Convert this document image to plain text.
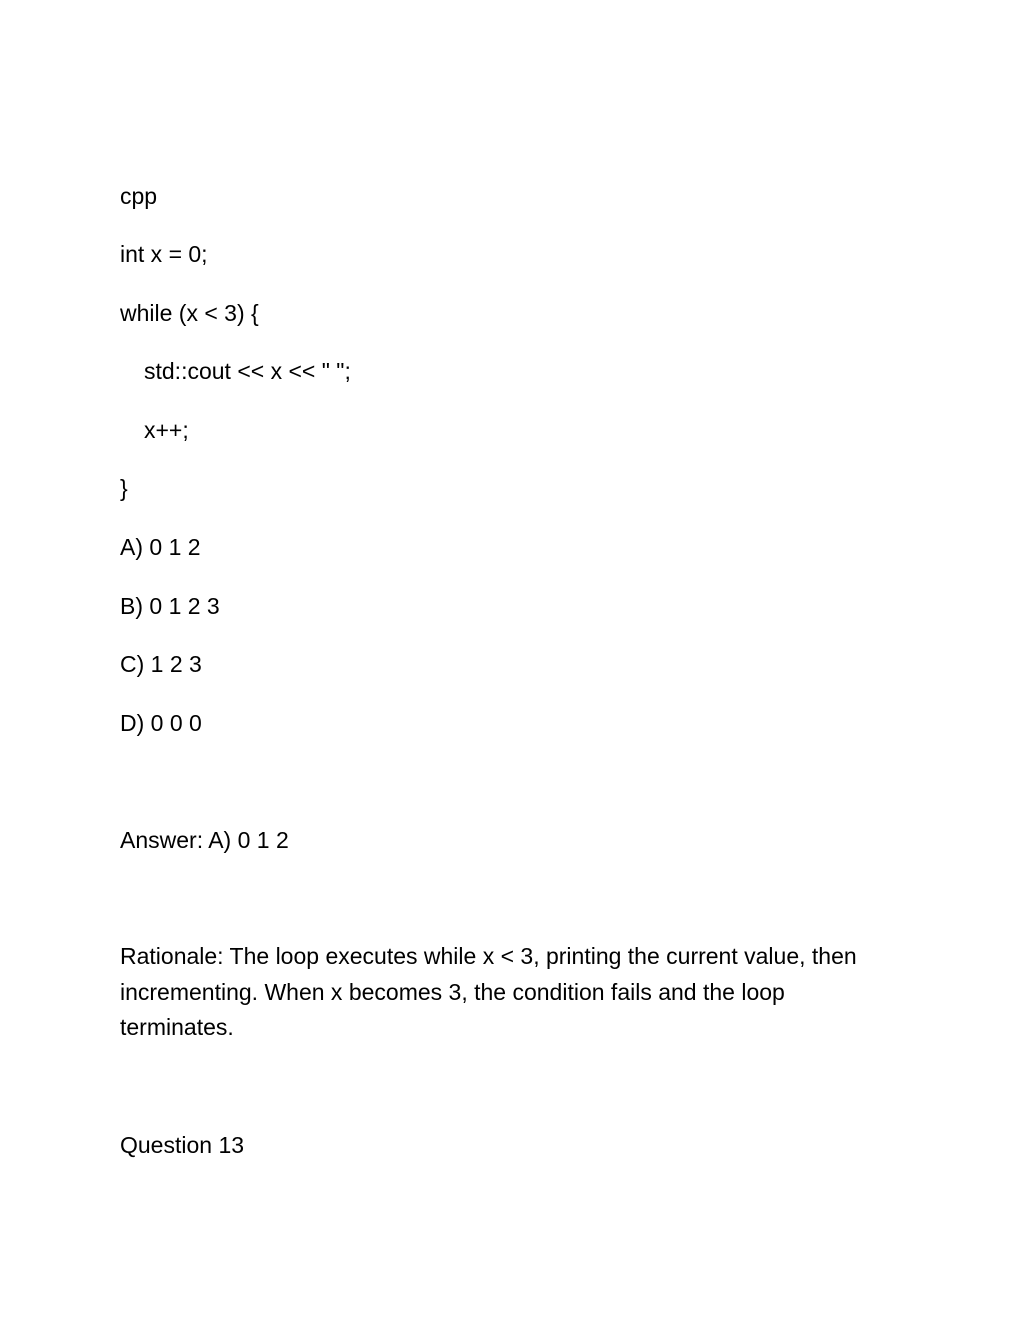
cpp
int x = 0;
while (x < 3) {
std::cout << x << " ";
x++;
}
A) 0 1 2
B) 0 1 2 3
C) 1 2 3
D) 0 0 0
Answer: A) 0 1 2
Rationale: The loop executes while x < 3, printing the current value, then incrementing. When x becomes 3, the condition fails and the loop terminates.
Question 13
